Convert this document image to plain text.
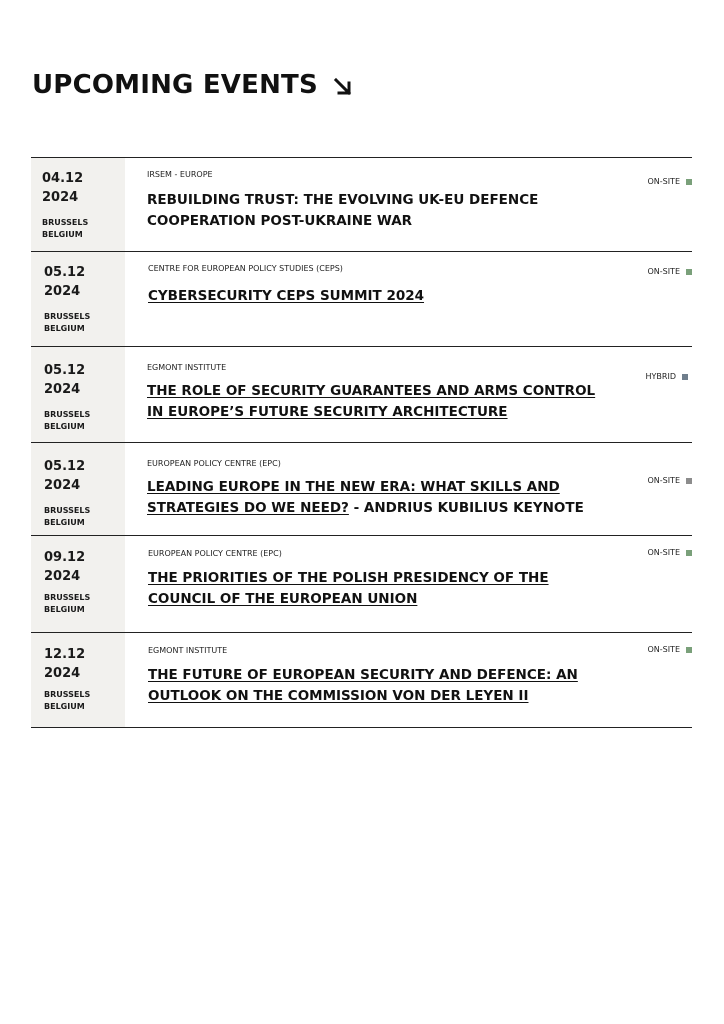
UPCOMING EVENTS
04.12
2024
BRUSSELS
BELGIUM
IRSEM - EUROPE
REBUILDING TRUST: THE EVOLVING UK-EU DEFENCE COOPERATION POST-UKRAINE WAR
ON-SITE
05.12
2024
BRUSSELS
BELGIUM
CENTRE FOR EUROPEAN POLICY STUDIES (CEPS)
CYBERSECURITY CEPS SUMMIT 2024
ON-SITE
05.12
2024
BRUSSELS
BELGIUM
EGMONT INSTITUTE
THE ROLE OF SECURITY GUARANTEES AND ARMS CONTROL IN EUROPE’S FUTURE SECURITY ARCHITECTURE
HYBRID
05.12
2024
BRUSSELS
BELGIUM
EUROPEAN POLICY CENTRE (EPC)
LEADING EUROPE IN THE NEW ERA: WHAT SKILLS AND STRATEGIES DO WE NEED? - ANDRIUS KUBILIUS KEYNOTE
ON-SITE
09.12
2024
BRUSSELS
BELGIUM
EUROPEAN POLICY CENTRE (EPC)
THE PRIORITIES OF THE POLISH PRESIDENCY OF THE COUNCIL OF THE EUROPEAN UNION
ON-SITE
12.12
2024
BRUSSELS
BELGIUM
EGMONT INSTITUTE
THE FUTURE OF EUROPEAN SECURITY AND DEFENCE: AN OUTLOOK ON THE COMMISSION VON DER LEYEN II
ON-SITE
